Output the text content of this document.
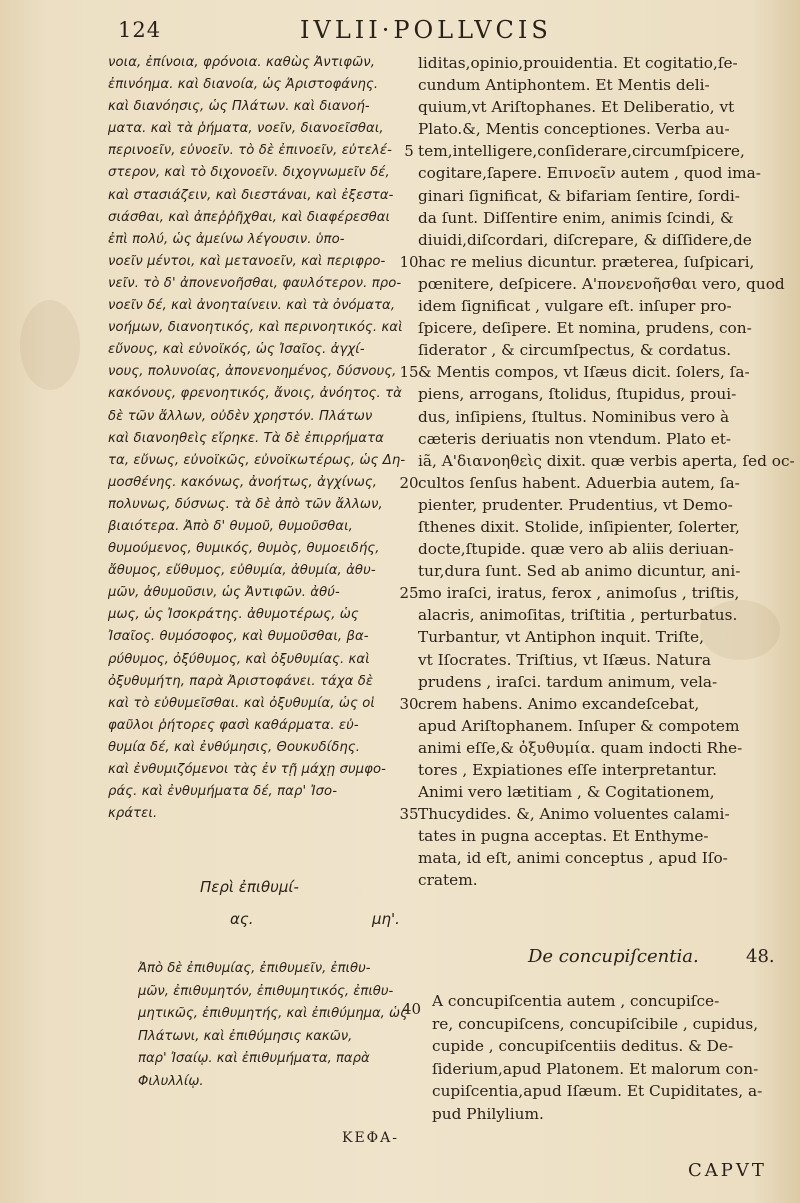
124	IVLII·POLLVCIS
νοια, ἐπίνοια, φρόνοια. καθὼς Ἀντιφῶν,
ἐπινόημα. καὶ διανοία, ὡς Ἀριστοφάνης.
καὶ διανόησις, ὡς Πλάτων. καὶ διανοή-
ματα. καὶ τὰ ῥήματα, νοεῖν, διανοεῖσθαι,
περινοεῖν, εὐνοεῖν. τὸ δὲ ἐπινοεῖν, εὐτελέ-
στερον, καὶ τὸ διχονοεῖν. διχογνωμεῖν δέ,
καὶ στασιάζειν, καὶ διεστάναι, καὶ ἐξεστα-
σιάσθαι, καὶ ἀπεῤῥῆχθαι, καὶ διαφέρεσθαι
ἐπὶ πολύ, ὡς ἀμείνω λέγουσιν. ὑπο-
νοεῖν μέντοι, καὶ μετανοεῖν, καὶ περιφρο-
νεῖν. τὸ δ' ἀπονενοῆσθαι, φαυλότερον. προ-
νοεῖν δέ, καὶ ἀνοηταίνειν. καὶ τὰ ὀνόματα,
νοήμων, διανοητικός, καὶ περινοητικός. καὶ
εὔνους, καὶ εὐνοϊκός, ὡς Ἰσαῖος. ἀγχί-
νους, πολυνοίας, ἀπονενοημένος, δύσνους,
κακόνους, φρενοητικός, ἄνοις, ἀνόητος. τὰ
δὲ τῶν ἄλλων, οὐδὲν χρηστόν. Πλάτων
καὶ διανοηθεὶς εἴρηκε. Τὰ δὲ ἐπιρρήματα
τα, εὔνως, εὐνοϊκῶς, εὐνοϊκωτέρως, ὡς Δη-
μοσθένης. κακόνως, ἀνοήτως, ἀγχίνως,
πολυνως, δύσνως. τὰ δὲ ἀπὸ τῶν ἄλλων,
βιαιότερα. Ἀπὸ δ' θυμοῦ, θυμοῦσθαι,
θυμούμενος, θυμικός, θυμὸς, θυμοειδής,
ἄθυμος, εὔθυμος, εὐθυμία, ἀθυμία, ἀθυ-
μῶν, ἀθυμοῦσιν, ὡς Ἀντιφῶν. ἀθύ-
μως, ὡς Ἰσοκράτης. ἀθυμοτέρως, ὡς
Ἰσαῖος. θυμόσοφος, καὶ θυμοῦσθαι, βα-
ρύθυμος, ὀξύθυμος, καὶ ὀξυθυμίας. καὶ
ὀξυθυμήτη, παρὰ Ἀριστοφάνει. τάχα δὲ
καὶ τὸ εὐθυμεῖσθαι. καὶ ὀξυθυμία, ὡς οἱ
φαῦλοι ῥήτορες φασὶ καθάρματα. εὐ-
θυμία δέ, καὶ ἐνθύμησις, Θουκυδίδης.
καὶ ἐνθυμιζόμενοι τὰς ἐν τῇ μάχῃ συμφο-
ράς. καὶ ἐνθυμήματα δέ, παρ' Ἰσο-
κράτει.
5
10
15
20
25
30
35
liditas,opinio,prouidentia. Et cogitatio,ſe-
cundum Antiphontem. Et Mentis deli-
quium,vt Ariſtophanes. Et Deliberatio, vt
Plato.&, Mentis conceptiones. Verba au-
tem,intelligere,conſiderare,circumſpicere,
cogitare,ſapere. Eπινοεῖν autem , quod ima-
ginari ſignificat, & bifariam ſentire, ſordi-
da ſunt. Diſſentire enim, animis ſcindi, &
diuidi,diſcordari, diſcrepare, & diſſidere,de
hac re melius dicuntur. præterea, ſuſpicari,
pœnitere, deſpicere. Α'πονενοῆσθαι vero, quod
idem ſignificat , vulgare eſt. inſuper pro-
ſpicere, deſipere. Et nomina, prudens, con-
ſiderator , & circumſpectus, & cordatus.
& Mentis compos, vt Iſæus dicit. ſolers, ſa-
piens, arrogans, ſtolidus, ſtupidus, proui-
dus, inſipiens, ſtultus. Nominibus vero à
cæteris deriuatis non vtendum. Plato et-
iã, A'διανοηθεὶς dixit. quæ verbis aperta, ſed oc-
cultos ſenſus habent. Aduerbia autem, ſa-
pienter, prudenter. Prudentius, vt Demo-
ſthenes dixit. Stolide, inſipienter, ſolerter,
docte,ſtupide. quæ vero ab aliis deriuan-
tur,dura ſunt. Sed ab animo dicuntur, ani-
mo iraſci, iratus, ferox , animoſus , triſtis,
alacris, animoſitas, triſtitia , perturbatus.
Turbantur, vt Antiphon inquit. Triſte,
vt Iſocrates. Triſtius, vt Iſæus. Natura
prudens , iraſci. tardum animum, vela-
crem habens. Animo excandeſcebat,
apud Ariſtophanem. Inſuper & compotem
animi eſſe,& ὀξυθυμία. quam indocti Rhe-
tores , Expiationes eſſe interpretantur.
Animi vero lætitiam , & Cogitationem,
Thucydides. &, Animo voluentes calami-
tates in pugna acceptas. Et Enthyme-
mata, id eſt, animi conceptus , apud Iſo-
cratem.
Περὶ ἐπιθυμί-
ας.	μη'.
De concupiſcentia.	48.
Ἀπὸ δὲ ἐπιθυμίας, ἐπιθυμεῖν, ἐπιθυ-
μῶν, ἐπιθυμητόν, ἐπιθυμητικός, ἐπιθυ-
μητικῶς, ἐπιθυμητής, καὶ ἐπιθύμημα, ὡς
Πλάτωνι, καὶ ἐπιθύμησις κακῶν,
παρ' Ἰσαίῳ. καὶ ἐπιθυμήματα, παρὰ
Φιλυλλίῳ.
40 A concupiſcentia autem , concupiſce-
re, concupiſcens, concupiſcibile , cupidus,
cupide , concupiſcentiis deditus. & De-
ſiderium,apud Platonem. Et malorum con-
cupiſcentia,apud Iſæum. Et Cupiditates, a-
pud Philylium.
ΚΕΦΑ-
CAPVT
